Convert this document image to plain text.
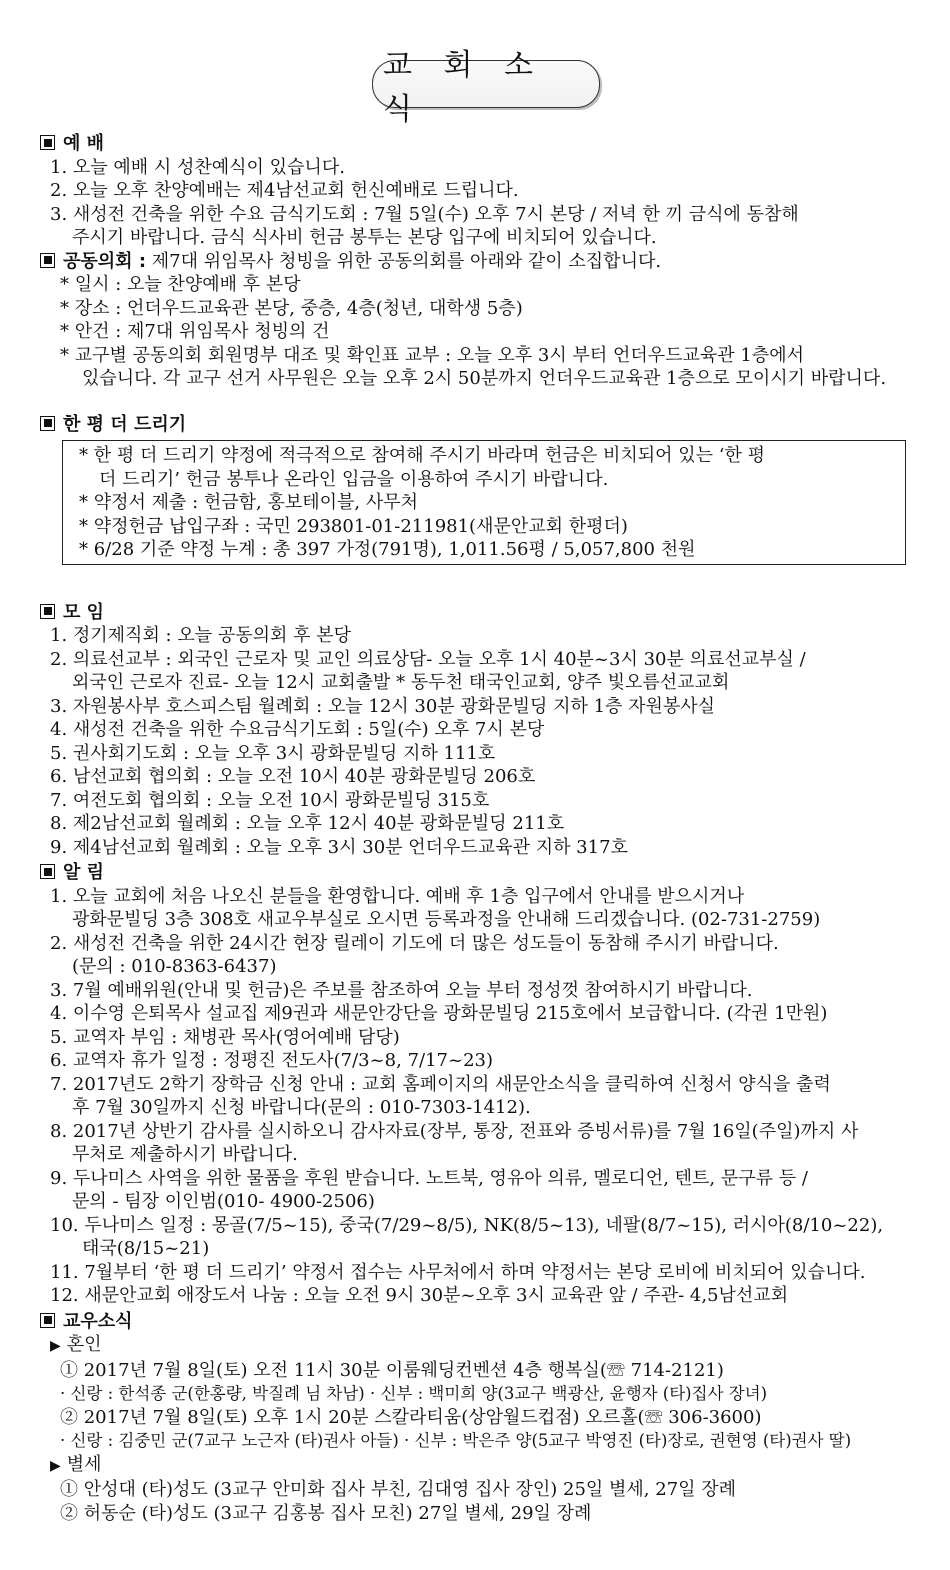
교 회 소 식
예 배
1. 오늘 예배 시 성찬예식이 있습니다.
2. 오늘 오후 찬양예배는 제4남선교회 헌신예배로 드립니다.
3. 새성전 건축을 위한 수요 금식기도회 : 7월 5일(수) 오후 7시 본당 / 저녁 한 끼 금식에 동참해
주시기 바랍니다. 금식 식사비 헌금 봉투는 본당 입구에 비치되어 있습니다.
공동의회 : 제7대 위임목사 청빙을 위한 공동의회를 아래와 같이 소집합니다.
* 일시 : 오늘 찬양예배 후 본당
* 장소 : 언더우드교육관 본당, 중층, 4층(청년, 대학생 5층)
* 안건 : 제7대 위임목사 청빙의 건
* 교구별 공동의회 회원명부 대조 및 확인표 교부 : 오늘 오후 3시 부터 언더우드교육관 1층에서
있습니다. 각 교구 선거 사무원은 오늘 오후 2시 50분까지 언더우드교육관 1층으로 모이시기 바랍니다.
한 평 더 드리기
* 한 평 더 드리기 약정에 적극적으로 참여해 주시기 바라며 헌금은 비치되어 있는 ‘한 평
더 드리기’ 헌금 봉투나 온라인 입금을 이용하여 주시기 바랍니다.
* 약정서 제출 : 헌금함, 홍보테이블, 사무처
* 약정헌금 납입구좌 : 국민 293801-01-211981(새문안교회 한평더)
* 6/28 기준 약정 누계 : 총 397 가정(791명), 1,011.56평 / 5,057,800 천원
모 임
1. 정기제직회 : 오늘 공동의회 후 본당
2. 의료선교부 : 외국인 근로자 및 교인 의료상담- 오늘 오후 1시 40분~3시 30분 의료선교부실 /
외국인 근로자 진료- 오늘 12시 교회출발 * 동두천 태국인교회, 양주 빛오름선교교회
3. 자원봉사부 호스피스팀 월례회 : 오늘 12시 30분 광화문빌딩 지하 1층 자원봉사실
4. 새성전 건축을 위한 수요금식기도회 : 5일(수) 오후 7시 본당
5. 권사회기도회 : 오늘 오후 3시 광화문빌딩 지하 111호
6. 남선교회 협의회 : 오늘 오전 10시 40분 광화문빌딩 206호
7. 여전도회 협의회 : 오늘 오전 10시 광화문빌딩 315호
8. 제2남선교회 월례회 : 오늘 오후 12시 40분 광화문빌딩 211호
9. 제4남선교회 월례회 : 오늘 오후 3시 30분 언더우드교육관 지하 317호
알 림
1. 오늘 교회에 처음 나오신 분들을 환영합니다. 예배 후 1층 입구에서 안내를 받으시거나
광화문빌딩 3층 308호 새교우부실로 오시면 등록과정을 안내해 드리겠습니다. (02-731-2759)
2. 새성전 건축을 위한 24시간 현장 릴레이 기도에 더 많은 성도들이 동참해 주시기 바랍니다.
(문의 : 010-8363-6437)
3. 7월 예배위원(안내 및 헌금)은 주보를 참조하여 오늘 부터 정성껏 참여하시기 바랍니다.
4. 이수영 은퇴목사 설교집 제9권과 새문안강단을 광화문빌딩 215호에서 보급합니다. (각권 1만원)
5. 교역자 부임 : 채병관 목사(영어예배 담당)
6. 교역자 휴가 일정 : 정평진 전도사(7/3~8, 7/17~23)
7. 2017년도 2학기 장학금 신청 안내 : 교회 홈페이지의 새문안소식을 클릭하여 신청서 양식을 출력
후 7월 30일까지 신청 바랍니다(문의 : 010-7303-1412).
8. 2017년 상반기 감사를 실시하오니 감사자료(장부, 통장, 전표와 증빙서류)를 7월 16일(주일)까지 사
무처로 제출하시기 바랍니다.
9. 두나미스 사역을 위한 물품을 후원 받습니다. 노트북, 영유아 의류, 멜로디언, 텐트, 문구류 등 /
문의 - 팀장 이인범(010- 4900-2506)
10. 두나미스 일정 : 몽골(7/5~15), 중국(7/29~8/5), NK(8/5~13), 네팔(8/7~15), 러시아(8/10~22),
태국(8/15~21)
11. 7월부터 ‘한 평 더 드리기’ 약정서 접수는 사무처에서 하며 약정서는 본당 로비에 비치되어 있습니다.
12. 새문안교회 애장도서 나눔 : 오늘 오전 9시 30분~오후 3시 교육관 앞 / 주관- 4,5남선교회
교우소식
▶ 혼인
① 2017년 7월 8일(토) 오전 11시 30분 이룸웨딩컨벤션 4층 행복실(☏ 714-2121)
· 신랑 : 한석종 군(한홍량, 박질례 님 차남) · 신부 : 백미희 양(3교구 백광산, 윤행자 (타)집사 장녀)
② 2017년 7월 8일(토) 오후 1시 20분 스칼라티움(상암월드컵점) 오르홀(☏ 306-3600)
· 신랑 : 김중민 군(7교구 노근자 (타)권사 아들) · 신부 : 박은주 양(5교구 박영진 (타)장로, 권현영 (타)권사 딸)
▶ 별세
① 안성대 (타)성도 (3교구 안미화 집사 부친, 김대영 집사 장인) 25일 별세, 27일 장례
② 허동순 (타)성도 (3교구 김홍봉 집사 모친) 27일 별세, 29일 장례
